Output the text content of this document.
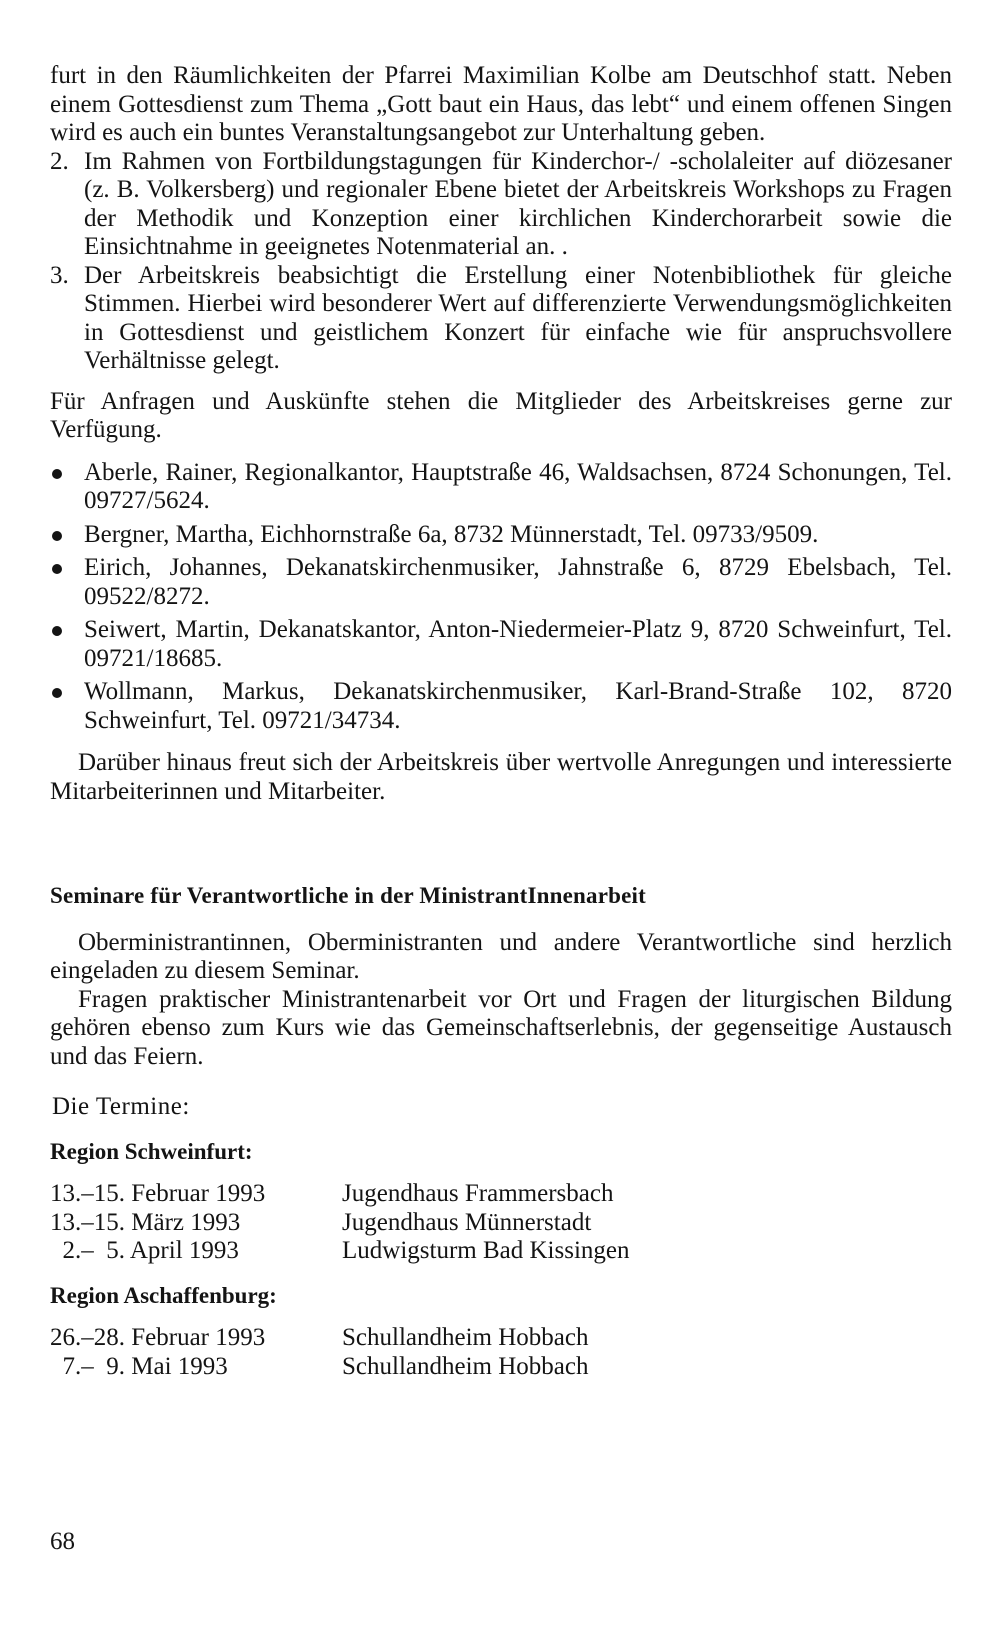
furt in den Räumlichkeiten der Pfarrei Maximilian Kolbe am Deutschhof statt. Neben einem Gottesdienst zum Thema „Gott baut ein Haus, das lebt“ und einem offenen Singen wird es auch ein buntes Veranstaltungsangebot zur Unterhaltung geben.

2. Im Rahmen von Fortbildungstagungen für Kinderchor-/ -scholaleiter auf diözesaner (z. B. Volkersberg) und regionaler Ebene bietet der Arbeitskreis Workshops zu Fragen der Methodik und Konzeption einer kirchlichen Kinderchorarbeit sowie die Einsichtnahme in geeignetes Notenmaterial an. .
3. Der Arbeitskreis beabsichtigt die Erstellung einer Notenbibliothek für gleiche Stimmen. Hierbei wird besonderer Wert auf differenzierte Verwendungsmöglichkeiten in Gottesdienst und geistlichem Konzert für einfache wie für anspruchsvollere Verhältnisse gelegt.

Für Anfragen und Auskünfte stehen die Mitglieder des Arbeitskreises gerne zur Verfügung.

Aberle, Rainer, Regionalkantor, Hauptstraße 46, Waldsachsen, 8724 Schonungen, Tel. 09727/5624.
Bergner, Martha, Eichhornstraße 6a, 8732 Münnerstadt, Tel. 09733/9509.
Eirich, Johannes, Dekanatskirchenmusiker, Jahnstraße 6, 8729 Ebelsbach, Tel. 09522/8272.
Seiwert, Martin, Dekanatskantor, Anton-Niedermeier-Platz 9, 8720 Schweinfurt, Tel. 09721/18685.
Wollmann, Markus, Dekanatskirchenmusiker, Karl-Brand-Straße 102, 8720 Schweinfurt, Tel. 09721/34734.

Darüber hinaus freut sich der Arbeitskreis über wertvolle Anregungen und interessierte Mitarbeiterinnen und Mitarbeiter.

Seminare für Verantwortliche in der MinistrantInnenarbeit

Oberministrantinnen, Oberministranten und andere Verantwortliche sind herzlich eingeladen zu diesem Seminar.

Fragen praktischer Ministrantenarbeit vor Ort und Fragen der liturgischen Bildung gehören ebenso zum Kurs wie das Gemeinschaftserlebnis, der gegenseitige Austausch und das Feiern.

Die Termine:

Region Schweinfurt:
13.–15. Februar 1993	Jugendhaus Frammersbach
13.–15. März 1993	Jugendhaus Münnerstadt
2.–  5. April 1993	Ludwigsturm Bad Kissingen
Region Aschaffenburg:
26.–28. Februar 1993	Schullandheim Hobbach
7.–  9. Mai 1993	Schullandheim Hobbach
68
